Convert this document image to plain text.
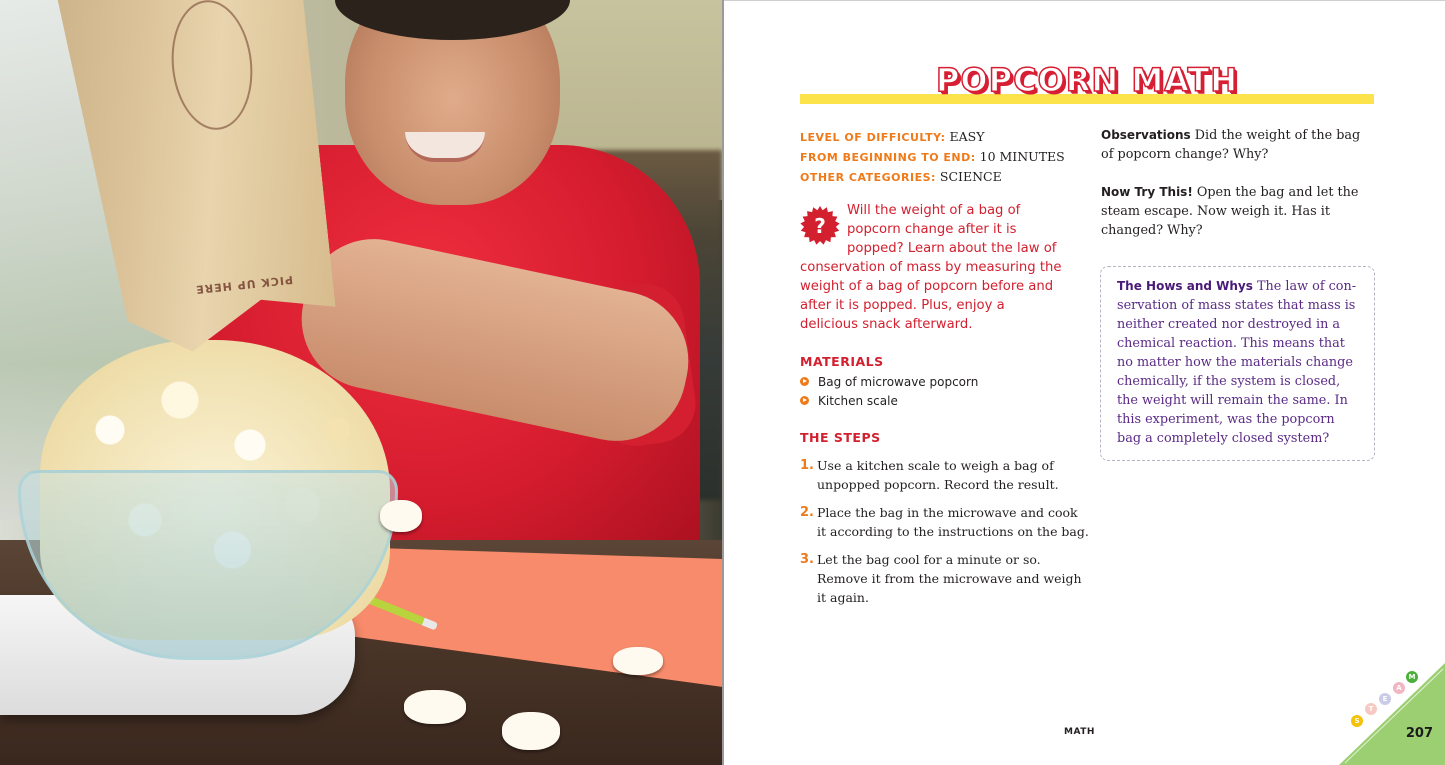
PICK UP HERE
POPCORN MATH
LEVEL OF DIFFICULTY: EASY
FROM BEGINNING TO END: 10 MINUTES
OTHER CATEGORIES: SCIENCE
?
Will the weight of a bag of popcorn change after it is popped? Learn about the law of conservation of mass by measuring the weight of a bag of popcorn before and after it is popped. Plus, enjoy a delicious snack afterward.
MATERIALS
Bag of microwave popcorn
Kitchen scale
THE STEPS
1. Use a kitchen scale to weigh a bag of unpopped popcorn. Record the result.
2. Place the bag in the microwave and cook it according to the instructions on the bag.
3. Let the bag cool for a minute or so. Remove it from the microwave and weigh it again.

Observations Did the weight of the bag of popcorn change? Why?

Now Try This! Open the bag and let the steam escape. Now weigh it. Has it changed? Why?

The Hows and Whys The law of con-servation of mass states that mass is neither created nor destroyed in a chemical reaction. This means that no matter how the materials change chemically, if the system is closed, the weight will remain the same. In this experiment, was the popcorn bag a completely closed system?
MATH
S
T
E
A
M
207
